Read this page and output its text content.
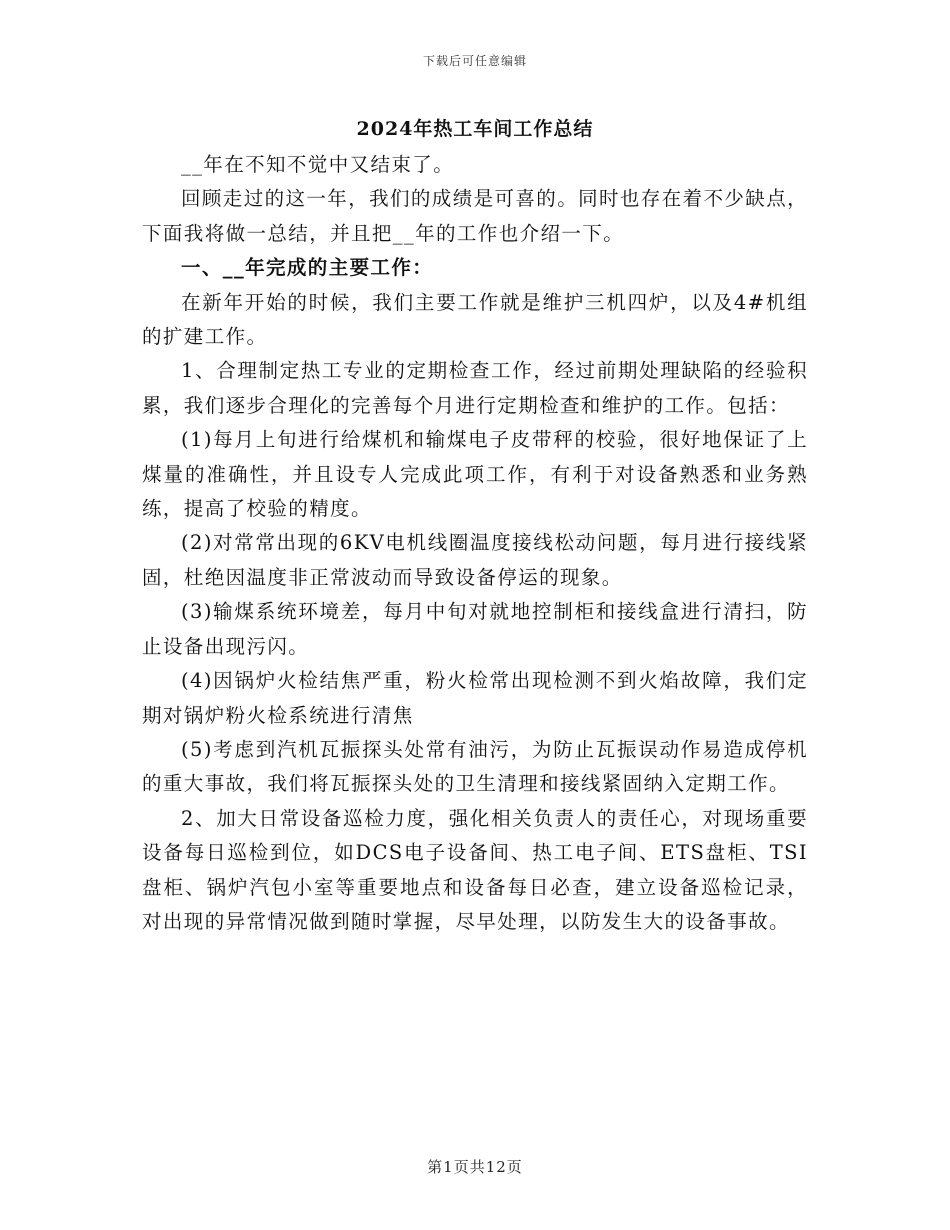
下载后可任意编辑
2024年热工车间工作总结

__年在不知不觉中又结束了。

回顾走过的这一年，我们的成绩是可喜的。同时也存在着不少缺点，下面我将做一总结，并且把__年的工作也介绍一下。

一、__年完成的主要工作：

在新年开始的时候，我们主要工作就是维护三机四炉，以及4#机组的扩建工作。

1、合理制定热工专业的定期检查工作，经过前期处理缺陷的经验积累，我们逐步合理化的完善每个月进行定期检查和维护的工作。包括：

(1)每月上旬进行给煤机和输煤电子皮带秤的校验，很好地保证了上煤量的准确性，并且设专人完成此项工作，有利于对设备熟悉和业务熟练，提高了校验的精度。

(2)对常常出现的6KV电机线圈温度接线松动问题，每月进行接线紧固，杜绝因温度非正常波动而导致设备停运的现象。

(3)输煤系统环境差，每月中旬对就地控制柜和接线盒进行清扫，防止设备出现污闪。

(4)因锅炉火检结焦严重，粉火检常出现检测不到火焰故障，我们定期对锅炉粉火检系统进行清焦

(5)考虑到汽机瓦振探头处常有油污，为防止瓦振误动作易造成停机的重大事故，我们将瓦振探头处的卫生清理和接线紧固纳入定期工作。

2、加大日常设备巡检力度，强化相关负责人的责任心，对现场重要设备每日巡检到位，如DCS电子设备间、热工电子间、ETS盘柜、TSI盘柜、锅炉汽包小室等重要地点和设备每日必查，建立设备巡检记录，对出现的异常情况做到随时掌握，尽早处理，以防发生大的设备事故。

第1页共12页
